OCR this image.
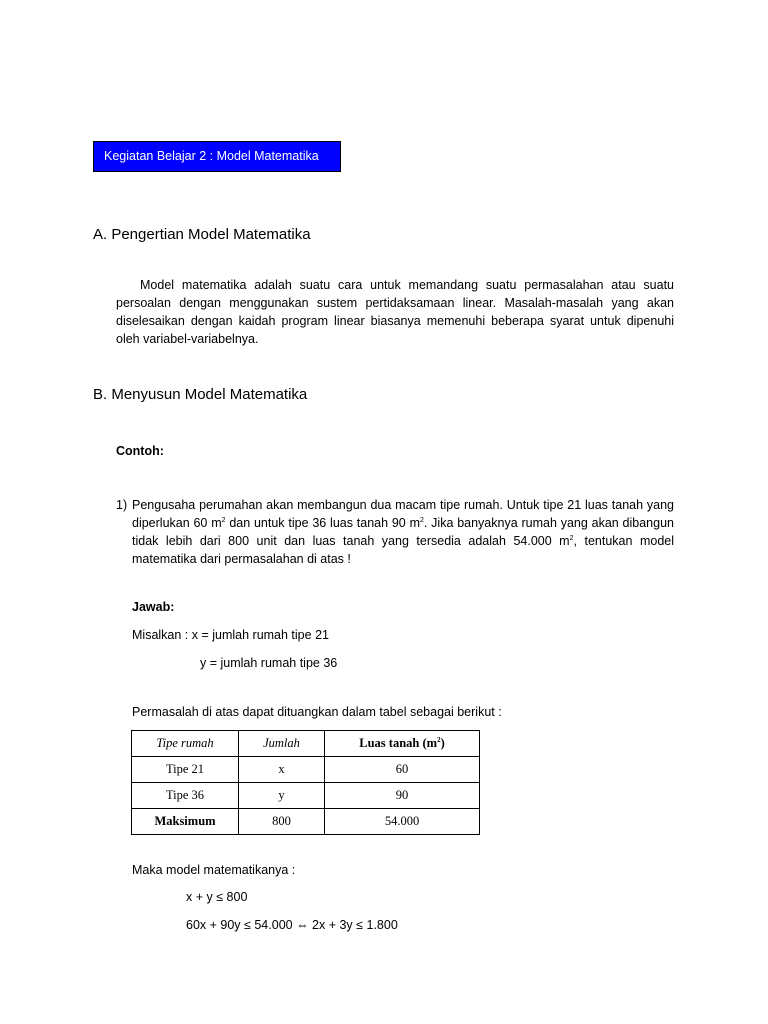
Kegiatan Belajar 2 : Model Matematika
A. Pengertian Model Matematika

Model matematika adalah suatu cara untuk memandang suatu permasalahan atau suatu persoalan dengan menggunakan sustem pertidaksamaan linear. Masalah-masalah yang akan diselesaikan dengan kaidah program linear biasanya memenuhi beberapa syarat untuk dipenuhi oleh variabel-variabelnya.

B. Menyusun Model Matematika

Contoh:

1) Pengusaha perumahan akan membangun dua macam tipe rumah. Untuk tipe 21 luas tanah yang diperlukan 60 $m^2$ dan untuk tipe 36 luas tanah 90 $m^2$. Jika banyaknya rumah yang akan dibangun tidak lebih dari 800 unit dan luas tanah yang tersedia adalah 54.000 $m^2$, tentukan model matematika dari permasalahan di atas !

Jawab:

Misalkan : x = jumlah rumah tipe 21

y = jumlah rumah tipe 36

Permasalah di atas dapat dituangkan dalam tabel sebagai berikut :

Tipe rumah	Jumlah	Luas tanah $(m^2)$
Tipe 21	x	60
Tipe 36	y	90
Maksimum	800	54.000

Maka model matematikanya :

x + y ≤ 800

60x + 90y ≤ 54.000 ⇔ 2x + 3y ≤ 1.800
